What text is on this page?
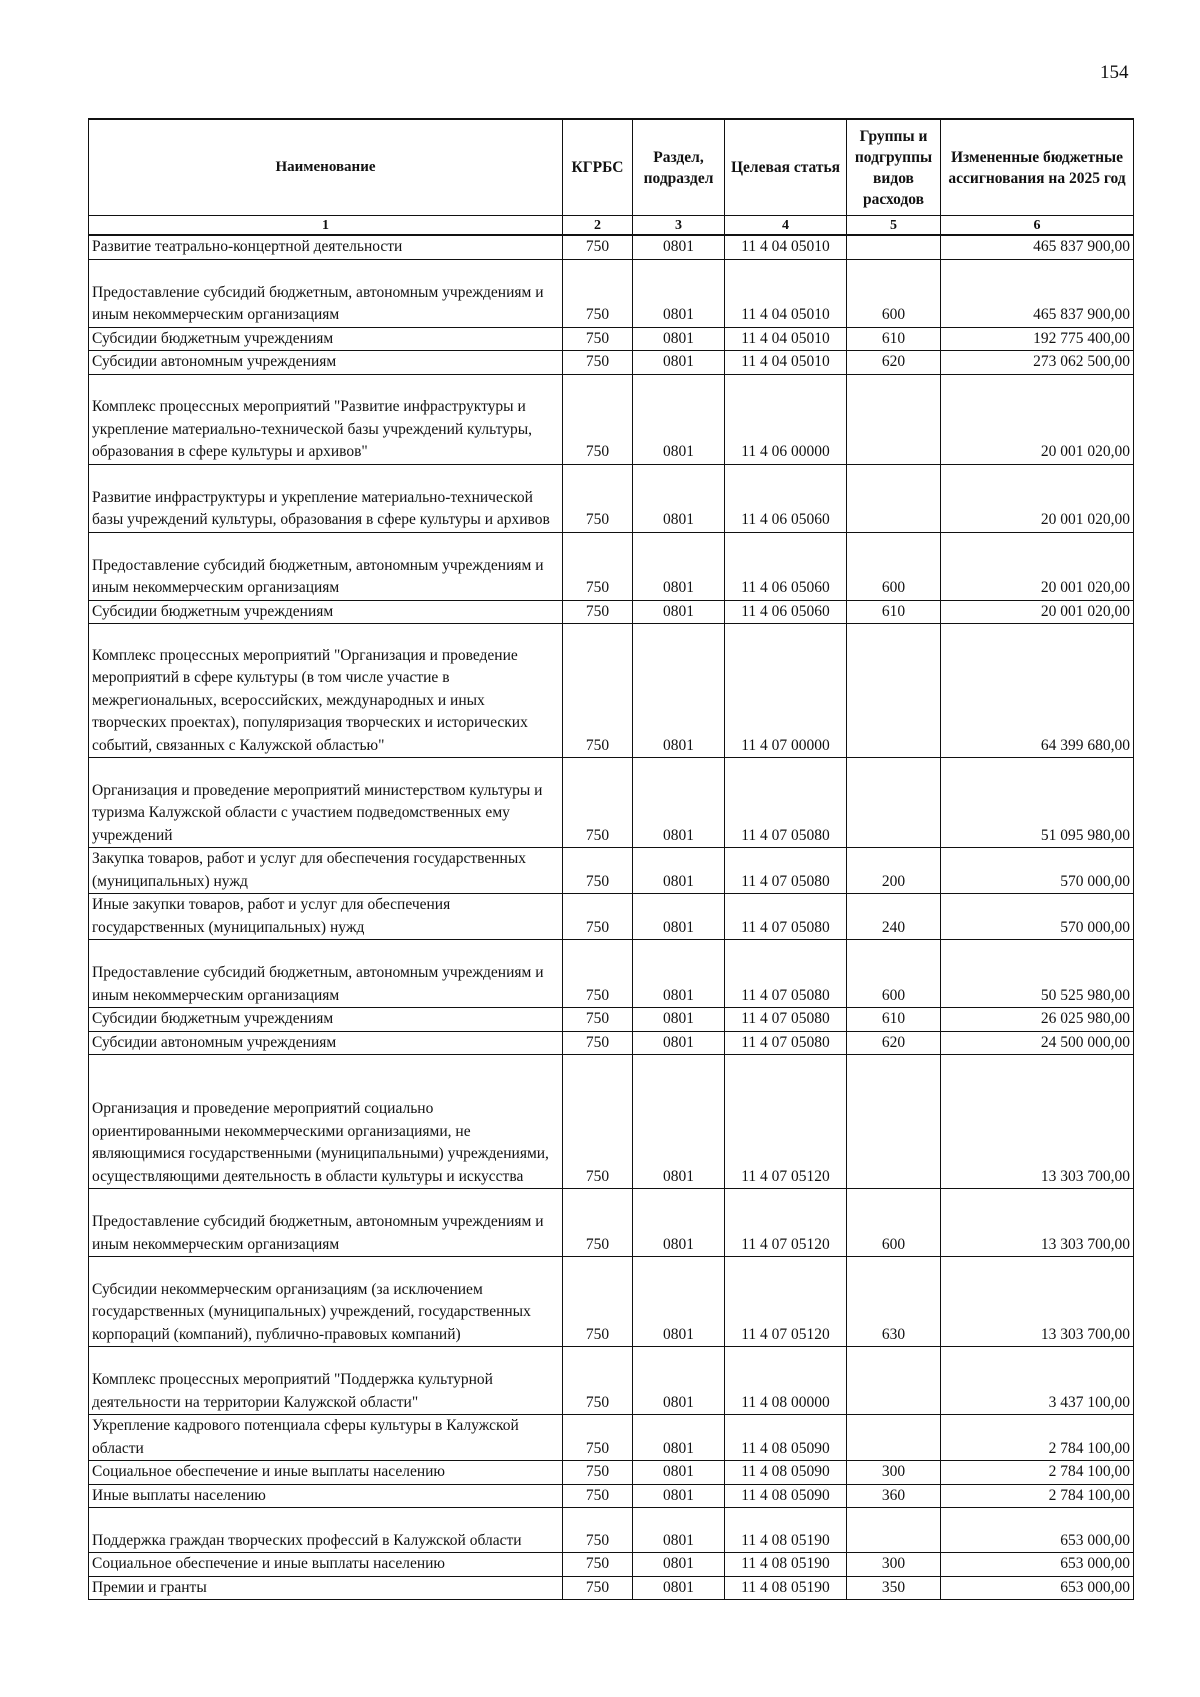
154
Наименование	КГРБС	Раздел, подраздел	Целевая статья	Группы и подгруппы видов расходов	Измененные бюджетные ассигнования на 2025 год
1	2	3	4	5	6
Развитие театрально-концертной деятельности	750	0801	11 4 04 05010		465 837 900,00
Предоставление субсидий бюджетным, автономным учреждениям и иным некоммерческим организациям	750	0801	11 4 04 05010	600	465 837 900,00
Субсидии бюджетным учреждениям	750	0801	11 4 04 05010	610	192 775 400,00
Субсидии автономным учреждениям	750	0801	11 4 04 05010	620	273 062 500,00
Комплекс процессных мероприятий "Развитие инфраструктуры и укрепление материально-технической базы учреждений культуры, образования в сфере культуры и архивов"	750	0801	11 4 06 00000		20 001 020,00
Развитие инфраструктуры и укрепление материально-технической базы учреждений культуры, образования в сфере культуры и архивов	750	0801	11 4 06 05060		20 001 020,00
Предоставление субсидий бюджетным, автономным учреждениям и иным некоммерческим организациям	750	0801	11 4 06 05060	600	20 001 020,00
Субсидии бюджетным учреждениям	750	0801	11 4 06 05060	610	20 001 020,00
Комплекс процессных мероприятий "Организация и проведение мероприятий в сфере культуры (в том числе участие в межрегиональных, всероссийских, международных и иных творческих проектах), популяризация творческих и исторических событий, связанных с Калужской областью"	750	0801	11 4 07 00000		64 399 680,00
Организация и проведение мероприятий министерством культуры и туризма Калужской области с участием подведомственных ему учреждений	750	0801	11 4 07 05080		51 095 980,00
Закупка товаров, работ и услуг для обеспечения государственных (муниципальных) нужд	750	0801	11 4 07 05080	200	570 000,00
Иные закупки товаров, работ и услуг для обеспечения государственных (муниципальных) нужд	750	0801	11 4 07 05080	240	570 000,00
Предоставление субсидий бюджетным, автономным учреждениям и иным некоммерческим организациям	750	0801	11 4 07 05080	600	50 525 980,00
Субсидии бюджетным учреждениям	750	0801	11 4 07 05080	610	26 025 980,00
Субсидии автономным учреждениям	750	0801	11 4 07 05080	620	24 500 000,00
Организация и проведение мероприятий социально ориентированными некоммерческими организациями, не являющимися государственными (муниципальными) учреждениями, осуществляющими деятельность в области культуры и искусства	750	0801	11 4 07 05120		13 303 700,00
Предоставление субсидий бюджетным, автономным учреждениям и иным некоммерческим организациям	750	0801	11 4 07 05120	600	13 303 700,00
Субсидии некоммерческим организациям (за исключением государственных (муниципальных) учреждений, государственных корпораций (компаний), публично-правовых компаний)	750	0801	11 4 07 05120	630	13 303 700,00
Комплекс процессных мероприятий "Поддержка культурной деятельности на территории Калужской области"	750	0801	11 4 08 00000		3 437 100,00
Укрепление кадрового потенциала сферы культуры в Калужской области	750	0801	11 4 08 05090		2 784 100,00
Социальное обеспечение и иные выплаты населению	750	0801	11 4 08 05090	300	2 784 100,00
Иные выплаты населению	750	0801	11 4 08 05090	360	2 784 100,00
Поддержка граждан творческих профессий в Калужской области	750	0801	11 4 08 05190		653 000,00
Социальное обеспечение и иные выплаты населению	750	0801	11 4 08 05190	300	653 000,00
Премии и гранты	750	0801	11 4 08 05190	350	653 000,00
